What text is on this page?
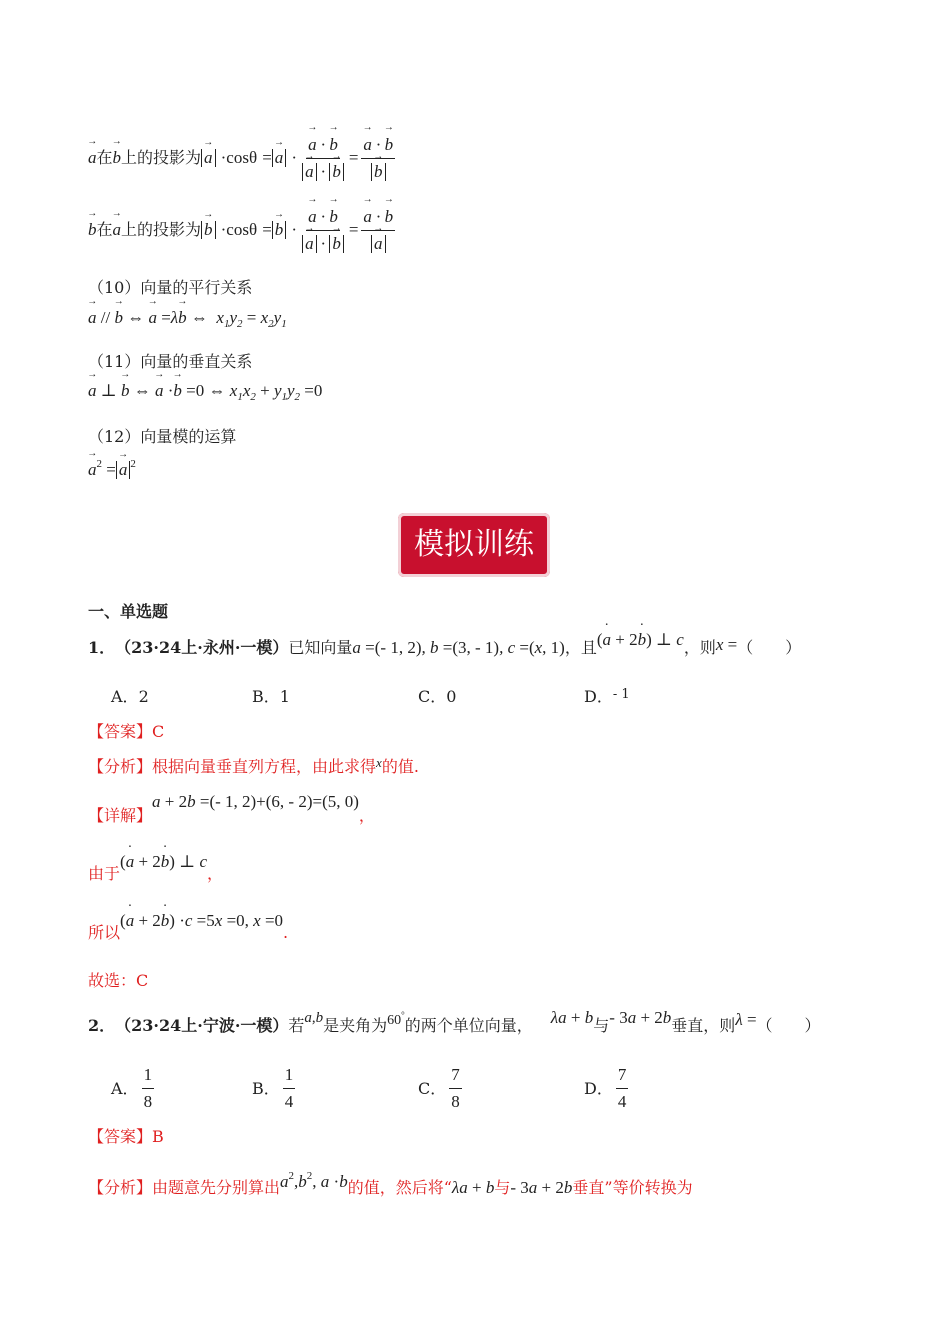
→ a 在
→ b 上的投影为
→ a
· cosθ
=
→ a
·
→ a · → b
→ a · → b =
→ a · → b
→ b
→ b 在
→ a 上的投影为
→ b
· cosθ
=
→ b
·
→ a · → b
→ a · → b =
→ a · → b
→ a
（10）向量的平行关系
→ a // → b ⇔ → a =λ→ b ⇔  $x_1y_2 = x_2y_1$
（11）向量的垂直关系
→ a ⊥ → b ⇔ → a ·→ b =0 ⇔ $x_1x_2 + y_1y_2 =0$
（12）向量模的运算
→ $a^2 =\to a$ $^2$
模拟训练
一、单选题
1． （23·24上·永州·一模） 已知向量 a =(- 1, 2), b =(3, - 1), c =(x, 1) ，且 (· a + 2· b) ⊥ c ，则 x = （　　）
A．2	B．1	C．0	D．$^{- 1}$
【答案】C
【分析】根据向量垂直列方程，由此求得$^x$的值.
【详解】
a + 2b =(- 1, 2)+(6, - 2)=(5, 0)
，
由于
(· a + 2· b) ⊥ c
，
所以
(· a + 2· b) ·c =5x =0, x =0
.
故选：C
2． （23·24上·宁波·一模） 若 a,b 是夹角为 60°
的两个单位向量， λa + b 与 - 3a + 2b 垂直，则 λ = （　　）
A． $\frac{1}{8}$	B． $\frac{1}{4}$	C． $\frac{7}{8}$	D． $\frac{7}{4}$
【答案】B
【分析】 由题意先分别算出 $a^2,b^2$, a ·b 的值，然后将“ λa + b 与 - 3a + 2b 垂直”等价转换为
